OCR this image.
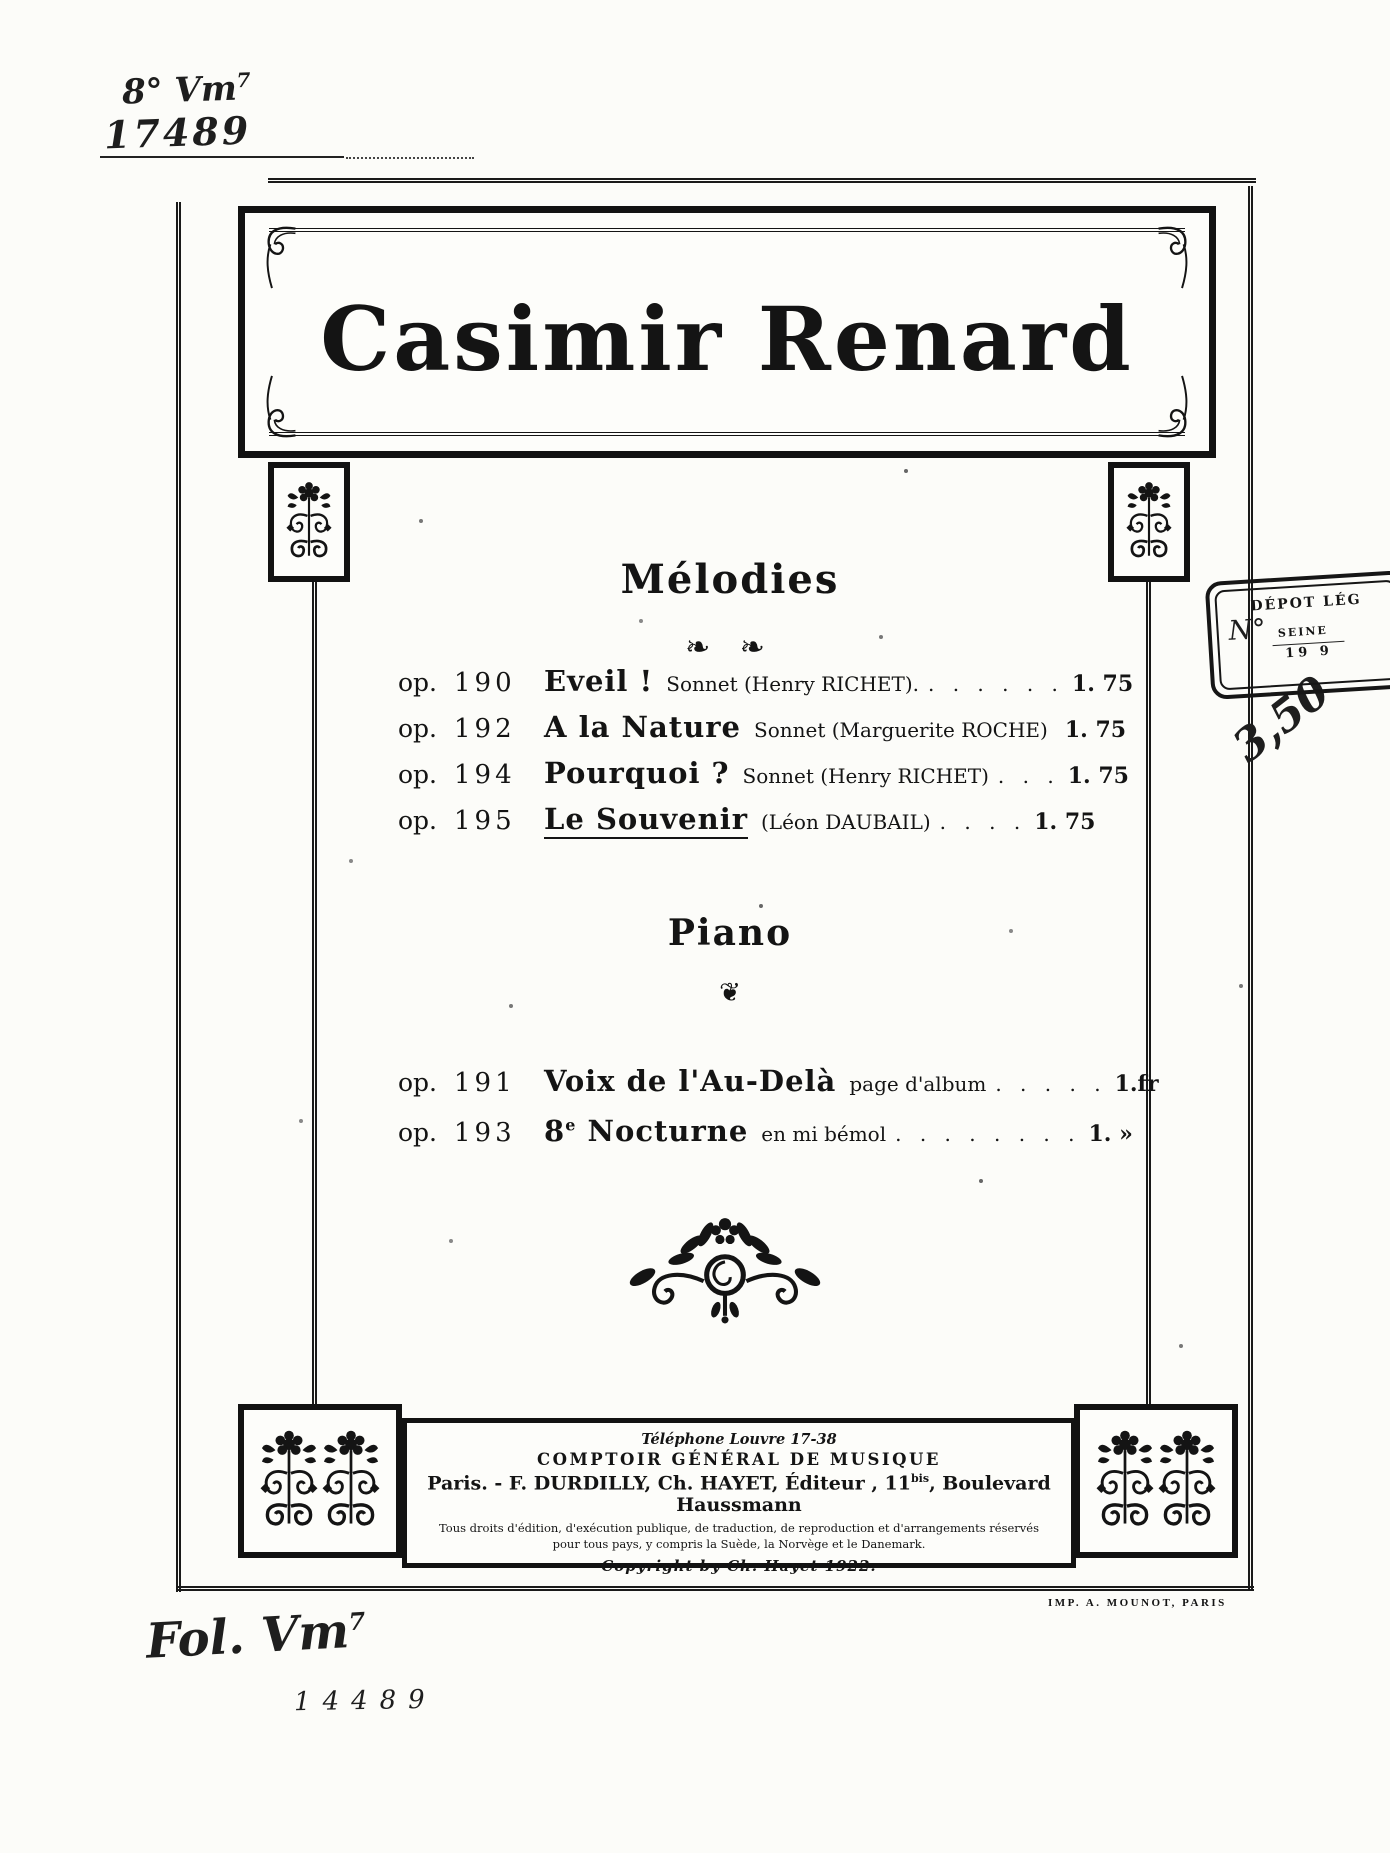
8° Vm$^7$
17489
Casimir Renard
DÉPOT LÉG
N° SEINE
19 9
3,50
Mélodies
❧ ❧
op. 190 Eveil ! Sonnet (Henry RICHET). . . . . . . 1. 75
op. 192 A la Nature Sonnet (Marguerite ROCHE) 1. 75
op. 194 Pourquoi ? Sonnet (Henry RICHET) . . . 1. 75
op. 195 Le Souvenir (Léon DAUBAIL) . . . . 1. 75
Piano
❦
op. 191 Voix de l'Au-Delà page d'album . . . . . 1.fr
op. 193 8e Nocturne en mi bémol . . . . . . . . 1. »
Téléphone Louvre 17-38
COMPTOIR GÉNÉRAL DE MUSIQUE
Paris. - F. DURDILLY, Ch. HAYET, Éditeur , $11^{bis}$, Boulevard Haussmann
Tous droits d'édition, d'exécution publique, de traduction, de reproduction et d'arrangements réservés
pour tous pays, y compris la Suède, la Norvège et le Danemark.
Copyright by Ch. Hayet 1922.
IMP. A. MOUNOT, PARIS
Fol. Vm$^7$
14489
